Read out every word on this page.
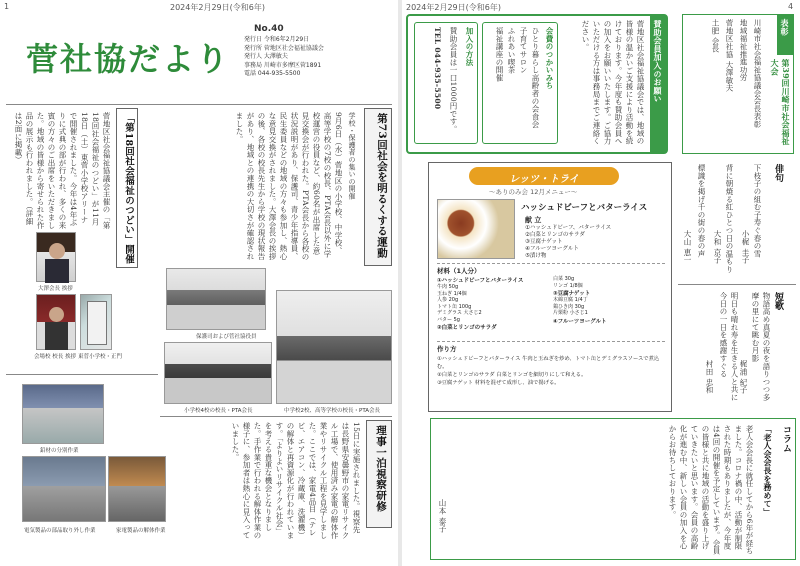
1	2024年2月29日(令和6年)
菅社協だより
No.40
発行日 令和6年2月29日
発行所 菅地区社会福祉協議会
発行人 大澤敏夫
事務局 川崎市多摩区菅1891
電話 044-935-5500
第73回社会を明るくする運動
学校・保護者の集いの開催
9月6日（水）菅地区の小学校、中学校、高等学校の7校の校長、PTA会長以外に学校運営の役員など、約60名が出席した意見交換会が行われた。PTA会長から各校の状況説明があり、保護司、青少年指導員、民生委員などの地域の方々も参加し、熱心な意見交換がされました。大澤会長の挨拶の後、各校の校長先生から学校の現状報告があり、地域との連携の大切さが確認されました。
「第18回社会福祉のつどい」開催
菅地区社会福祉協議会主催の「第18回社会福祉のつどい」が11月18日（土）東菅小学校アリーナで開催されました。今年は4年ぶりに式典の部が行われ、多くの来賓の方々のご出席をいただきました。地域の皆様から寄せられた作品の展示も行われました。（詳細は2面に掲載）
大澤会長 挨拶
会場校 校長 挨拶 東菅小学校・正門
保護司および菅社協役員
小学校4校の校長・PTA会長	中学校2校、高等学校の校長・PTA会長
理事一泊視察研修
15日に実施されました。視察先は長野県安曇野市の家電リサイクル工場で、使用済み家電の解体作業やリサイクル工程を見学しました。ここでは、家電4品目（テレビ、エアコン、冷蔵庫、洗濯機）の解体と再資源化が行われています。「よりよいリサイクル社会」を考える貴重な機会となりました。手作業で行われる解体作業の様子に、参加者は熱心に見入っていました。
鉛材の分別作業
電気製品の部品取り外し作業	家電製品の解体作業
2024年2月29日(令和6年)	4
賛助会員加入のお願い
菅地区社会福祉協議会では、地域の皆様の温かいご支援により活動を続けております。今年度も賛助会員への加入をお願いいたします。ご協力いただける方は事務局までご連絡ください。
会費のつかいみち
ひとり暮らし高齢者の会食会
子育てサロン
ふれあい喫茶
福祉講座の開催
加入の方法
賛助会員は一口1000円です。
TEL 044-935-5500	表彰
第39回川崎市社会福祉大会
川崎市社会福祉協議会会長表彰
地域福祉推進功労
菅地区社協 大澤敏夫
土肥 会長
レッツ・トライ
～ありのみ会 12月メニュー～
ハッシュドビーフとバターライス
献 立
①ハッシュドビーフ、バターライス
②白菜とリンゴのサラダ
③豆腐ナゲット
④フルーツヨーグルト
⑤漬け物
材料（1人分）
①ハッシュドビーフとバターライス
牛肉 50g
玉ねぎ 1/4個
人参 20g
トマト缶 100g
デミグラス 大さじ2
バター 5g
②白菜とリンゴのサラダ
白菜 30g
リンゴ 1/8個
③豆腐ナゲット
木綿豆腐 1/4丁
鶏ひき肉 30g
片栗粉 小さじ1
④フルーツヨーグルト
作り方
①ハッシュドビーフとバターライス 牛肉と玉ねぎを炒め、トマト缶とデミグラスソースで煮込む。
②白菜とリンゴのサラダ 白菜とリンゴを細切りにして和える。
③豆腐ナゲット 材料を混ぜて成形し、油で揚げる。
俳句
下枝子の組む子寿ぐ春の雪
小梶 圭子
背に朝焼る紅ひとつ日の温もり
大和 京子
標識を掲げ千の街の春の声
大山 恵一
短歌
物語高め真夏の夜を語りつつ多摩の里にて眺む月影
梶浦 紀子
明日も晴れ寿を生きる人と共に今日の一日を感謝すぐる
村田 忠和
コラム
「老人会会長を務めて」
老人会会長に就任してから6年が経ちました。コロナ禍の中、活動が制限された時期もありましたが、今年度は4回の開催を予定しています。会員の皆様と共に地域の活動を盛り上げていきたいと思います。会員の高齢化が進む中、新しい会員の加入を心からお待ちしております。
山本 泰子
